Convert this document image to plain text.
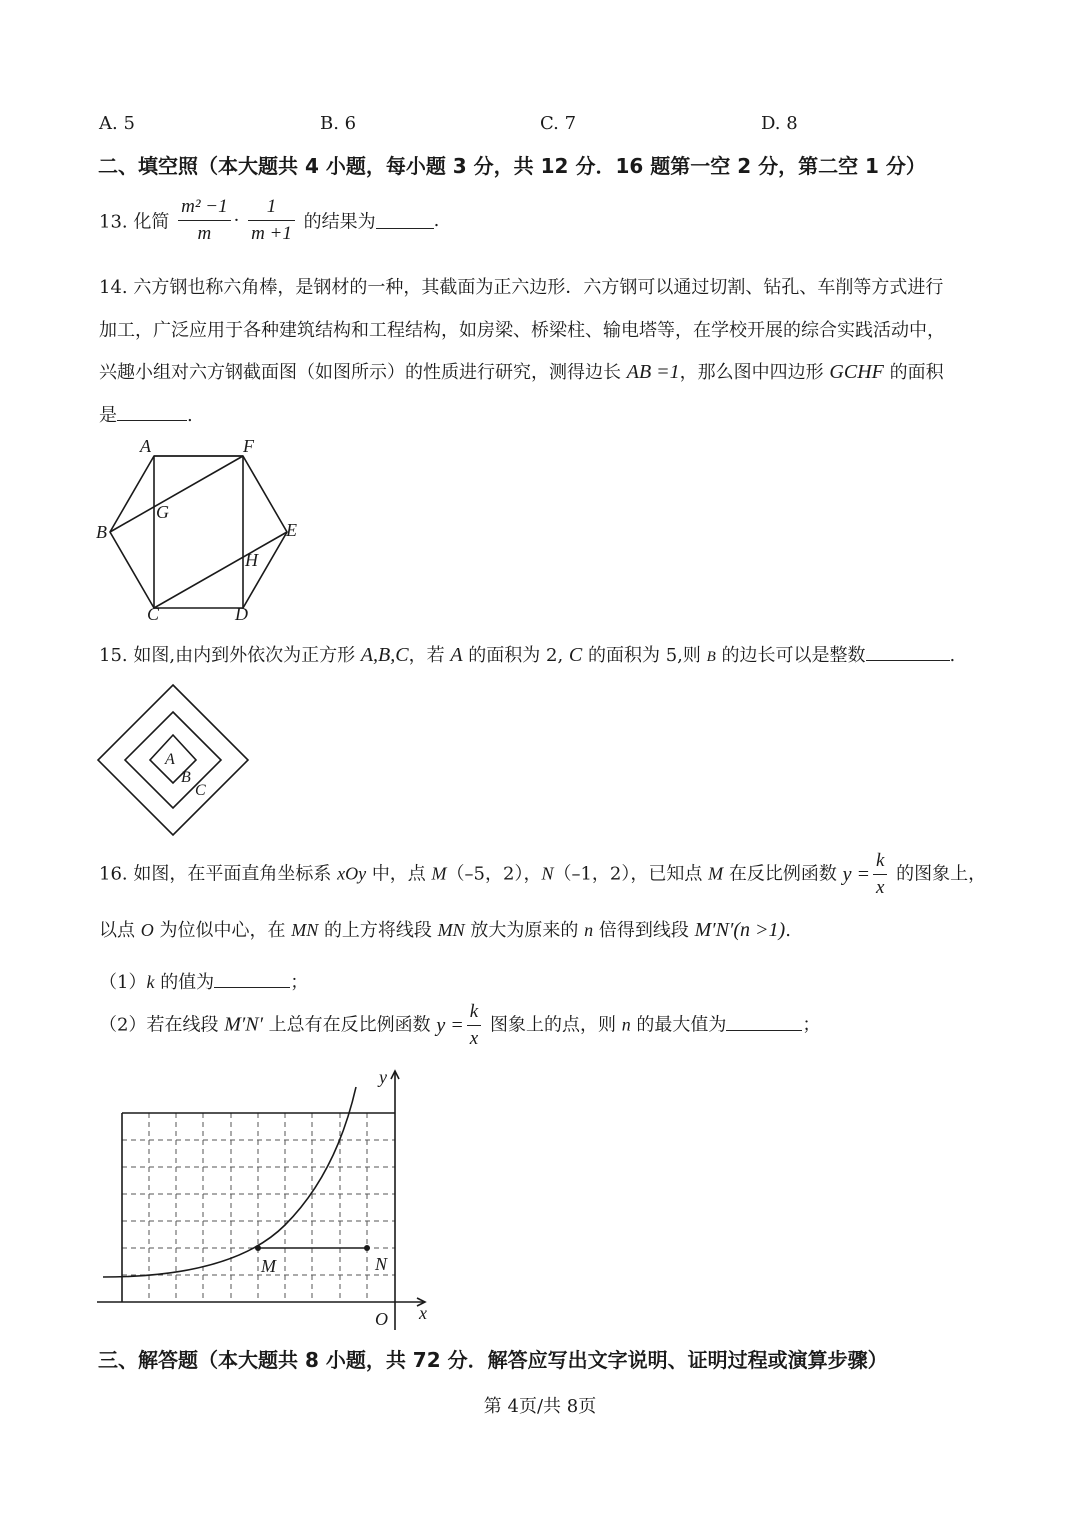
A. 5	B. 6	C. 7	D. 8
二、填空照（本大题共 4 小题，每小题 3 分，共 12 分．16 题第一空 2 分，第二空 1 分）
13. 化简 $\frac{\text{m² −1}}{m} \cdot \frac{1}{m +1}$ 的结果为	.
14. 六方钢也称六角棒，是钢材的一种，其截面为正六边形．六方钢可以通过切割、钻孔、车削等方式进行
加工，广泛应用于各种建筑结构和工程结构，如房梁、桥梁柱、输电塔等，在学校开展的综合实践活动中，
兴趣小组对六方钢截面图（如图所示）的性质进行研究，测得边长 AB =1，那么图中四边形 GCHF 的面积
是	.
A	F
B
G
E
H
C	D
15. 如图,由内到外依次为正方形 A,B,C，若 A 的面积为 2, C 的面积为 5,则 B 的边长可以是整数	.
A
B
C
16. 如图，在平面直角坐标系 xOy 中，点 M（–5，2），N（–1，2），已知点 M 在反比例函数 $y = \frac{k}{x}$ 的图象上，
以点 O 为位似中心，在 MN 的上方将线段 MN 放大为原来的 n 倍得到线段 M′N′(n >1).
（1）k 的值为	；
（2）若在线段 M′N′ 上总有在反比例函数 $y = \frac{k}{x}$ 图象上的点，则 n 的最大值为	；
y
x
O
M	N
三、解答题（本大题共 8 小题，共 72 分．解答应写出文字说明、证明过程或演算步骤）
第 4页/共 8页
